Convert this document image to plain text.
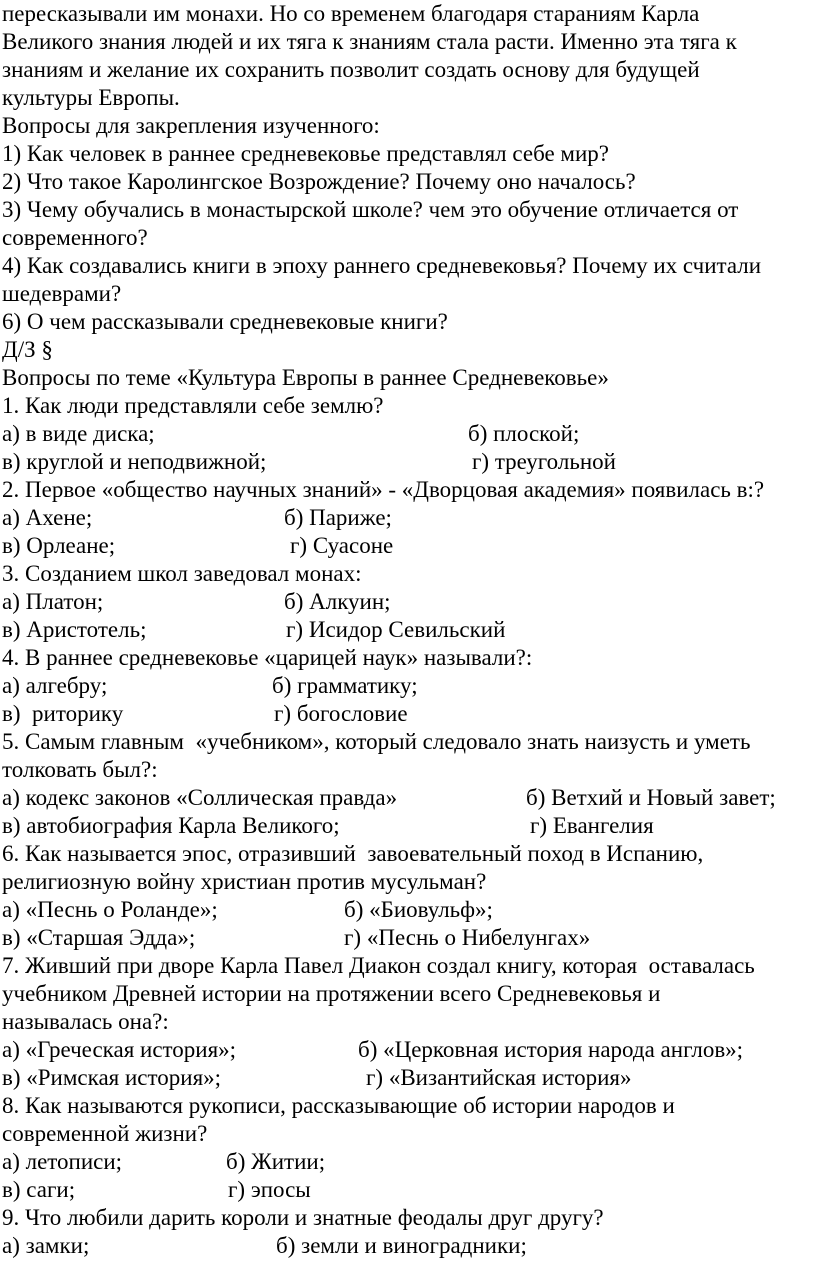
пересказывали им монахи. Но со временем благодаря стараниям Карла
Великого знания людей и их тяга к знаниям стала расти. Именно эта тяга к
знаниям и желание их сохранить позволит создать основу для будущей
культуры Европы.
Вопросы для закрепления изученного:
1) Как человек в раннее средневековье представлял себе мир?
2) Что такое Каролингское Возрождение? Почему оно началось?
3) Чему обучались в монастырской школе? чем это обучение отличается от
современного?
4) Как создавались книги в эпоху раннего средневековья? Почему их считали
шедеврами?
6) О чем рассказывали средневековые книги?
Д/З §
Вопросы по теме «Культура Европы в раннее Средневековье»
1. Как люди представляли себе землю?
а) в виде диска;	б) плоской;
в) круглой и неподвижной;	г) треугольной
2. Первое «общество научных знаний» - «Дворцовая академия» появилась в:?
а) Ахене;	б) Париже;
в) Орлеане;	г) Суасоне
3. Созданием школ заведовал монах:
а) Платон;	б) Алкуин;
в) Аристотель;	г) Исидор Севильский
4. В раннее средневековье «царицей наук» называли?:
а) алгебру;	б) грамматику;
в)  риторику	г) богословие
5. Самым главным  «учебником», который следовало знать наизусть и уметь
толковать был?:
а) кодекс законов «Соллическая правда»	б) Ветхий и Новый завет;
в) автобиография Карла Великого;	г) Евангелия
6. Как называется эпос, отразивший  завоевательный поход в Испанию,
религиозную войну христиан против мусульман?
а) «Песнь о Роланде»;	б) «Биовульф»;
в) «Старшая Эдда»;	г) «Песнь о Нибелунгах»
7. Живший при дворе Карла Павел Диакон создал книгу, которая  оставалась
учебником Древней истории на протяжении всего Средневековья и
называлась она?:
а) «Греческая история»;	б) «Церковная история народа англов»;
в) «Римская история»;	г) «Византийская история»
8. Как называются рукописи, рассказывающие об истории народов и
современной жизни?
а) летописи;	б) Житии;
в) саги;	г) эпосы
9. Что любили дарить короли и знатные феодалы друг другу?
а) замки;	б) земли и виноградники;
